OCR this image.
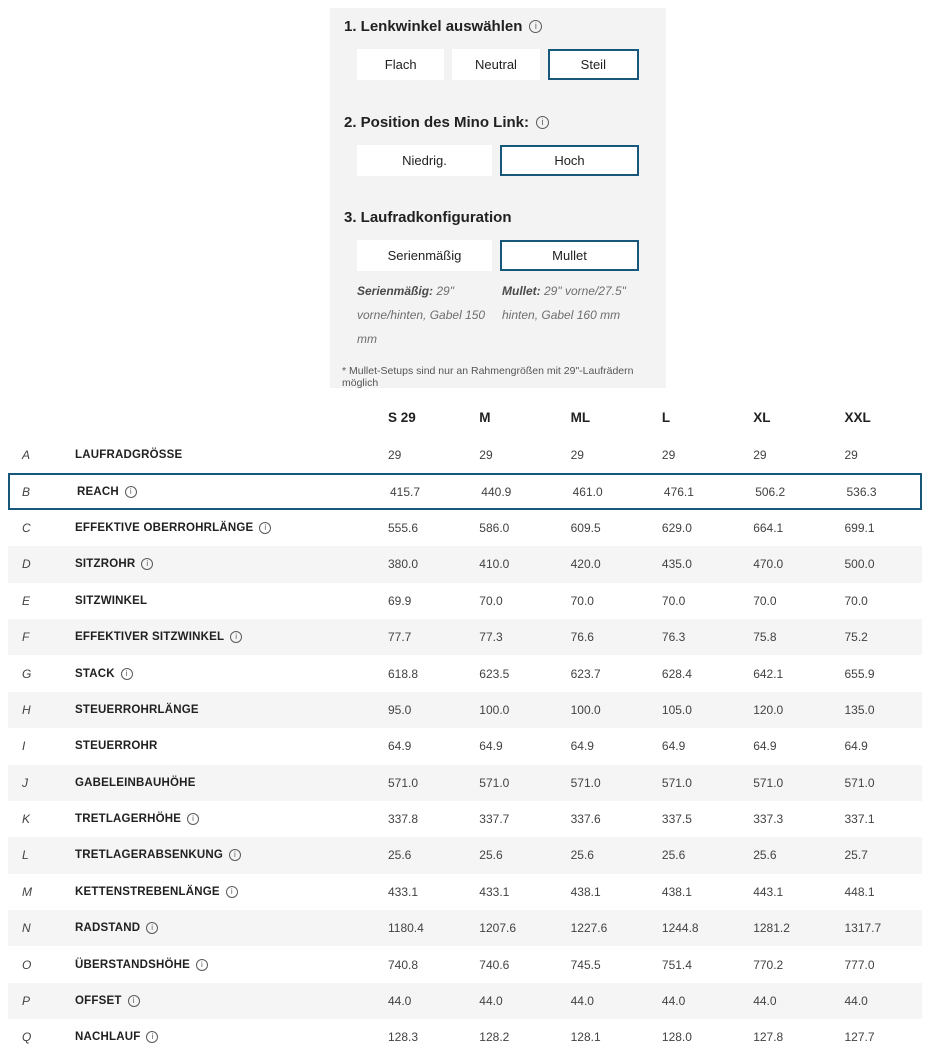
1. Lenkwinkel auswählen	i
Flach	Neutral	Steil
2. Position des Mino Link:	i
Niedrig.	Hoch
3. Laufradkonfiguration
Serienmäßig	Mullet
Serienmäßig: 29" vorne/hinten, Gabel 150 mm
Mullet: 29" vorne/27.5" hinten, Gabel 160 mm
* Mullet-Setups sind nur an Rahmengrößen mit 29"-Laufrädern möglich
S 29	M	ML	L	XL	XXL
A	LAUFRADGRÖSSE	29	29	29	29	29	29
B	REACH	i	415.7	440.9	461.0	476.1	506.2	536.3
C	EFFEKTIVE OBERROHRLÄNGE	i	555.6	586.0	609.5	629.0	664.1	699.1
D	SITZROHR	i	380.0	410.0	420.0	435.0	470.0	500.0
E	SITZWINKEL	69.9	70.0	70.0	70.0	70.0	70.0
F	EFFEKTIVER SITZWINKEL	i	77.7	77.3	76.6	76.3	75.8	75.2
G	STACK	i	618.8	623.5	623.7	628.4	642.1	655.9
H	STEUERROHRLÄNGE	95.0	100.0	100.0	105.0	120.0	135.0
I	STEUERROHR	64.9	64.9	64.9	64.9	64.9	64.9
J	GABELEINBAUHÖHE	571.0	571.0	571.0	571.0	571.0	571.0
K	TRETLAGERHÖHE	i	337.8	337.7	337.6	337.5	337.3	337.1
L	TRETLAGERABSENKUNG	i	25.6	25.6	25.6	25.6	25.6	25.7
M	KETTENSTREBENLÄNGE	i	433.1	433.1	438.1	438.1	443.1	448.1
N	RADSTAND	i	1180.4	1207.6	1227.6	1244.8	1281.2	1317.7
O	ÜBERSTANDSHÖHE	i	740.8	740.6	745.5	751.4	770.2	777.0
P	OFFSET	i	44.0	44.0	44.0	44.0	44.0	44.0
Q	NACHLAUF	i	128.3	128.2	128.1	128.0	127.8	127.7
